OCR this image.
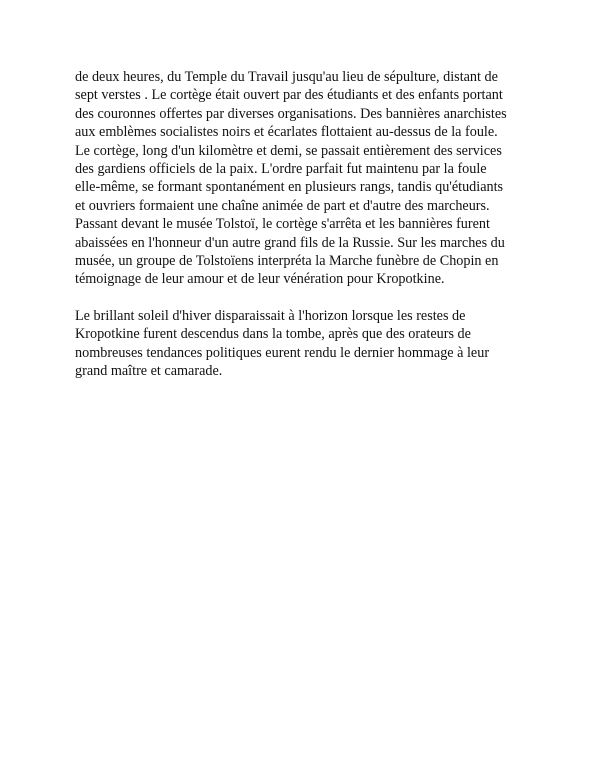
de deux heures, du Temple du Travail jusqu'au lieu de sépulture, distant de
sept verstes . Le cortège était ouvert par des étudiants et des enfants portant
des couronnes offertes par diverses organisations. Des bannières anarchistes
aux emblèmes socialistes noirs et écarlates flottaient au-dessus de la foule.
Le cortège, long d'un kilomètre et demi, se passait entièrement des services
des gardiens officiels de la paix. L'ordre parfait fut maintenu par la foule
elle-même, se formant spontanément en plusieurs rangs, tandis qu'étudiants
et ouvriers formaient une chaîne animée de part et d'autre des marcheurs.
Passant devant le musée Tolstoï, le cortège s'arrêta et les bannières furent
abaissées en l'honneur d'un autre grand fils de la Russie. Sur les marches du
musée, un groupe de Tolstoïens interpréta la Marche funèbre de Chopin en
témoignage de leur amour et de leur vénération pour Kropotkine.
Le brillant soleil d'hiver disparaissait à l'horizon lorsque les restes de
Kropotkine furent descendus dans la tombe, après que des orateurs de
nombreuses tendances politiques eurent rendu le dernier hommage à leur
grand maître et camarade.
